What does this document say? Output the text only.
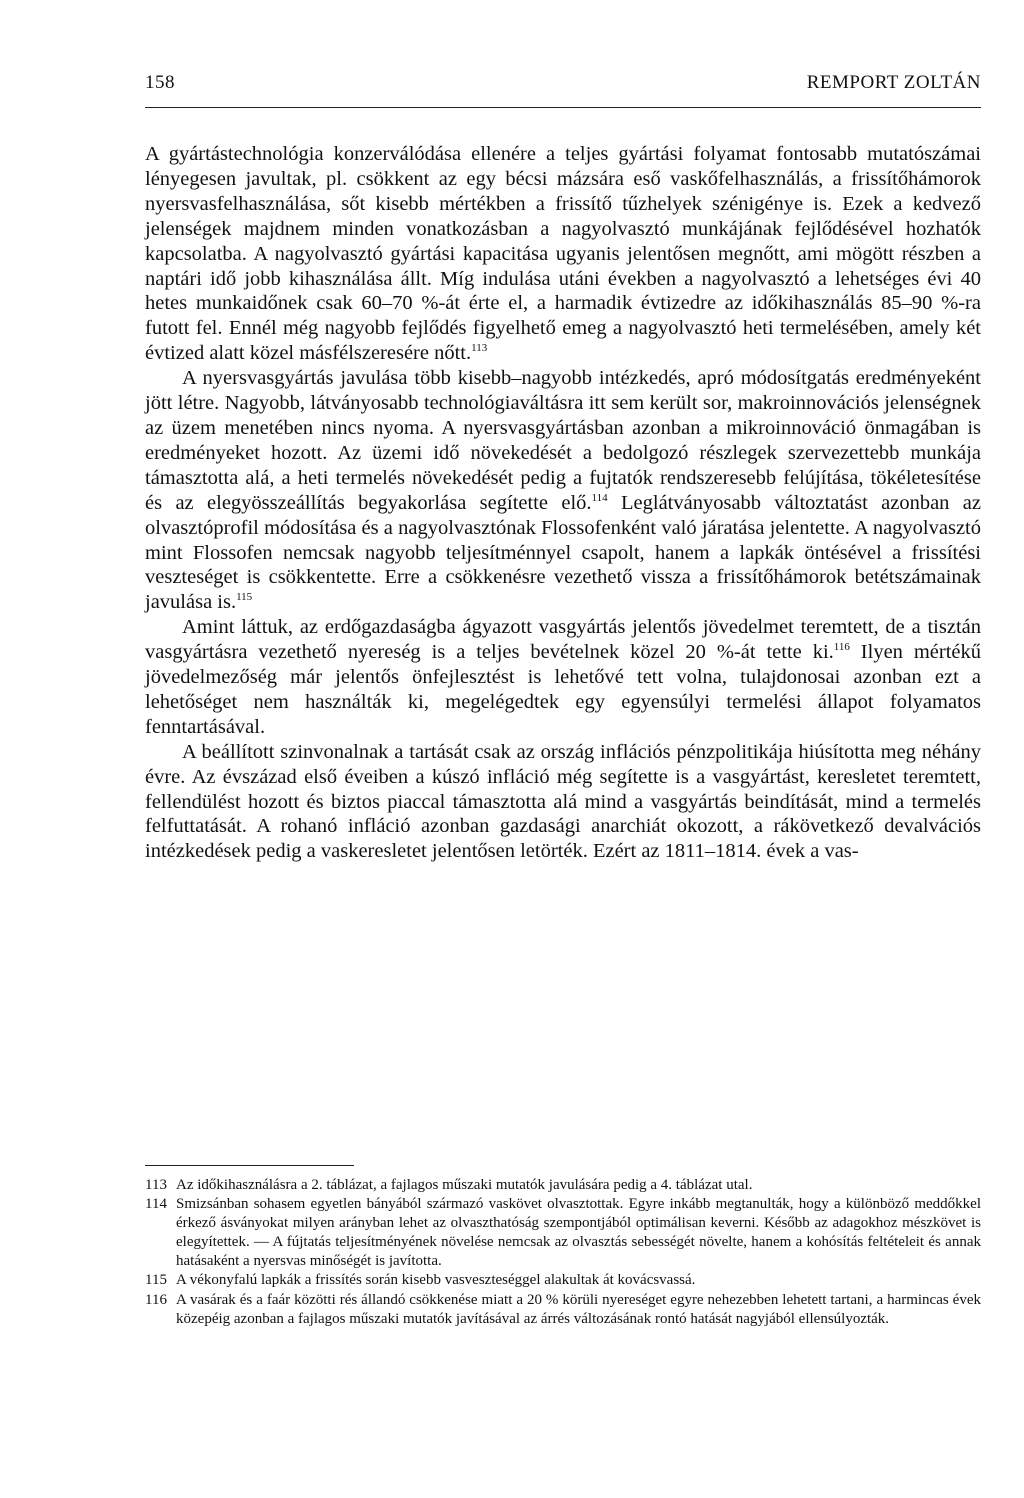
158	REMPORT ZOLTÁN

A gyártástechnológia konzerválódása ellenére a teljes gyártási folyamat fontosabb mutatószámai lényegesen javultak, pl. csökkent az egy bécsi mázsára eső vaskőfelhasználás, a frissítőhámorok nyersvasfelhasználása, sőt kisebb mértékben a frissítő tűzhelyek szénigénye is. Ezek a kedvező jelenségek majdnem minden vonatkozásban a nagyolvasztó munkájának fejlődésével hozhatók kapcsolatba. A nagyolvasztó gyártási kapacitása ugyanis jelentősen megnőtt, ami mögött részben a naptári idő jobb kihasználása állt. Míg indulása utáni években a nagyolvasztó a lehetséges évi 40 hetes munkaidőnek csak 60–70 %-át érte el, a harmadik évtizedre az időkihasználás 85–90 %-ra futott fel. Ennél még nagyobb fejlődés figyelhető emeg a nagyolvasztó heti termelésében, amely két évtized alatt közel másfélszeresére nőtt.$^{113}$

A nyersvasgyártás javulása több kisebb–nagyobb intézkedés, apró módosítgatás eredményeként jött létre. Nagyobb, látványosabb technológiaváltásra itt sem került sor, makroinnovációs jelenségnek az üzem menetében nincs nyoma. A nyersvasgyártásban azonban a mikroinnováció önmagában is eredményeket hozott. Az üzemi idő növekedését a bedolgozó részlegek szervezettebb munkája támasztotta alá, a heti termelés növekedését pedig a fujtatók rendszeresebb felújítása, tökéletesítése és az elegyösszeállítás begyakorlása segítette elő.$^{114}$ Leglátványosabb változtatást azonban az olvasztóprofil módosítása és a nagyolvasztónak Flossofenként való járatása jelentette. A nagyolvasztó mint Flossofen nemcsak nagyobb teljesítménnyel csapolt, hanem a lapkák öntésével a frissítési veszteséget is csökkentette. Erre a csökkenésre vezethető vissza a frissítőhámorok betétszámainak javulása is.$^{115}$

Amint láttuk, az erdőgazdaságba ágyazott vasgyártás jelentős jövedelmet teremtett, de a tisztán vasgyártásra vezethető nyereség is a teljes bevételnek közel 20 %-át tette ki.$^{116}$ Ilyen mértékű jövedelmezőség már jelentős önfejlesztést is lehetővé tett volna, tulajdonosai azonban ezt a lehetőséget nem használták ki, megelégedtek egy egyensúlyi termelési állapot folyamatos fenntartásával.

A beállított szinvonalnak a tartását csak az ország inflációs pénzpolitikája hiúsította meg néhány évre. Az évszázad első éveiben a kúszó infláció még segítette is a vasgyártást, keresletet teremtett, fellendülést hozott és biztos piaccal támasztotta alá mind a vasgyártás beindítását, mind a termelés felfuttatását. A rohanó infláció azonban gazdasági anarchiát okozott, a rákövetkező devalvációs intézkedések pedig a vaskeresletet jelentősen letörték. Ezért az 1811–1814. évek a vas-

113 Az időkihasználásra a 2. táblázat, a fajlagos műszaki mutatók javulására pedig a 4. táblázat utal.

114 Smizsánban sohasem egyetlen bányából származó vaskövet olvasztottak. Egyre inkább megtanulták, hogy a különböző meddőkkel érkező ásványokat milyen arányban lehet az olvaszthatóság szempontjából optimálisan keverni. Később az adagokhoz mészkövet is elegyítettek. — A fújtatás teljesítményének növelése nemcsak az olvasztás sebességét növelte, hanem a kohósítás feltételeit és annak hatásaként a nyersvas minőségét is javította.

115 A vékonyfalú lapkák a frissítés során kisebb vasveszteséggel alakultak át kovácsvassá.

116 A vasárak és a faár közötti rés állandó csökkenése miatt a 20 % körüli nyereséget egyre nehezebben lehetett tartani, a harmincas évek közepéig azonban a fajlagos műszaki mutatók javításával az árrés változásának rontó hatását nagyjából ellensúlyozták.
